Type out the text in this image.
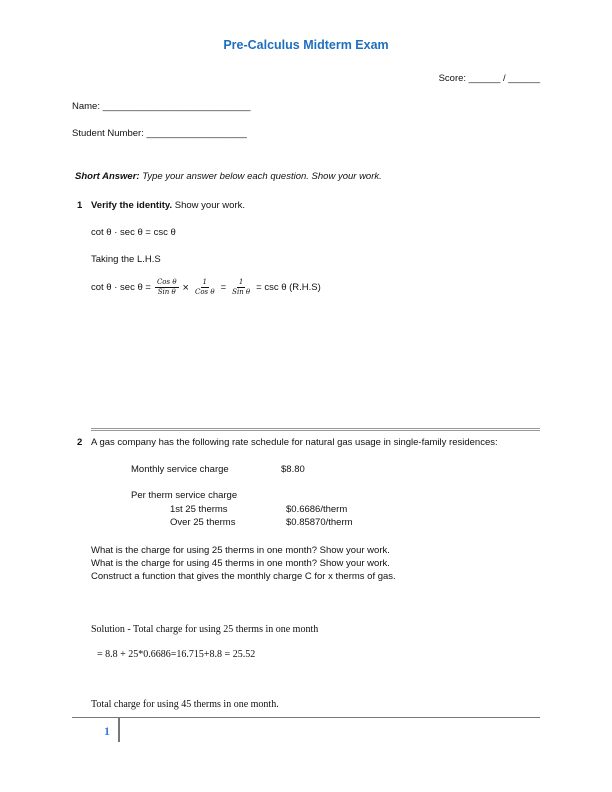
Pre-Calculus Midterm Exam
Score: ______ / ______
Name: ____________________________
Student Number: ___________________
Short Answer: Type your answer below each question. Show your work.
1 Verify the identity. Show your work.
cot θ · sec θ = csc θ
Taking the L.H.S
$\cot \theta \cdot \sec \theta = \frac{\text{Cos θ}}{\text{Sin θ}} \times \frac{1}{\text{Cos θ}} = \frac{1}{\text{Sin θ}} = \csc \theta$ (R.H.S)
2 A gas company has the following rate schedule for natural gas usage in single-family residences:
Monthly service charge	$8.80
Per therm service charge
1st 25 therms	$0.6686/therm
Over 25 therms	$0.85870/therm
What is the charge for using 25 therms in one month? Show your work.
What is the charge for using 45 therms in one month? Show your work.
Construct a function that gives the monthly charge C for x therms of gas.
Solution - Total charge for using 25 therms in one month
= 8.8 + 25*0.6686=16.715+8.8 = 25.52
Total charge for using 45 therms in one month.
1
